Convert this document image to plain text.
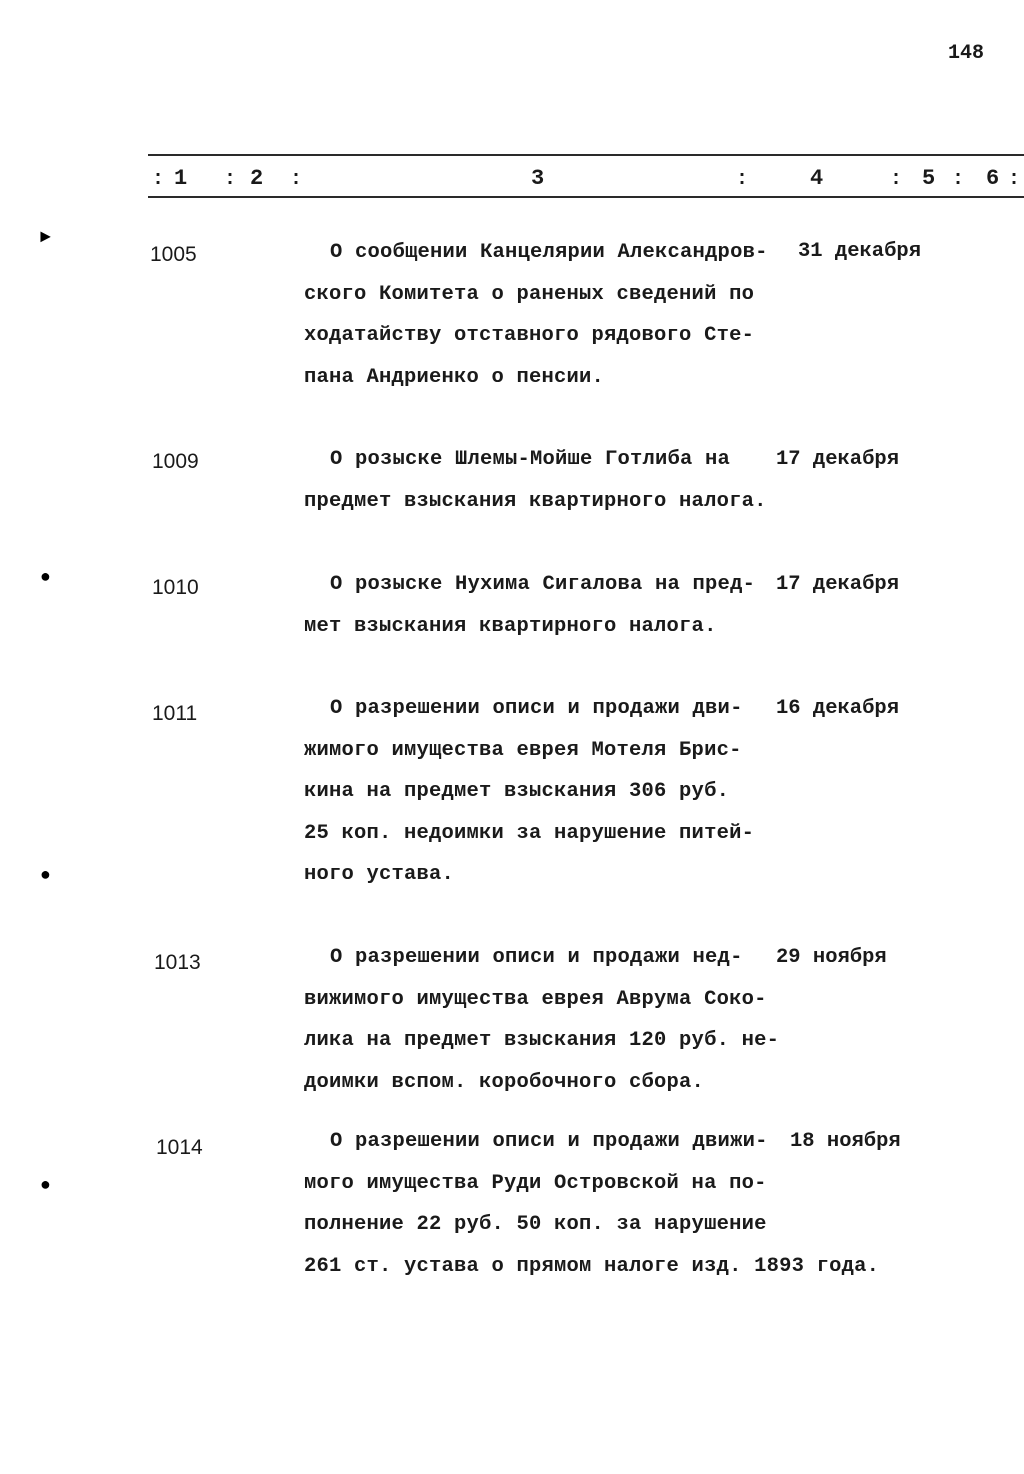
148
: 1 : 2 :	3	:	4	: 5 : 6 :
►
1005	О сообщении Канцелярии Александров-
ского Комитета о раненых сведений по
ходатайству отставного рядового Сте-
пана Андриенко о пенсии.
31 декабря
1009	О розыске Шлемы-Мойше Готлиба на
предмет взыскания квартирного налога.
17 декабря
●	1010	О розыске Нухима Сигалова на пред-
мет взыскания квартирного налога.
17 декабря
●
1011	О разрешении описи и продажи дви-
жимого имущества еврея Мотеля Брис-
кина на предмет взыскания 306 руб.
25 коп. недоимки за нарушение питей-
ного устава.
16 декабря
1013	О разрешении описи и продажи нед-
вижимого имущества еврея Аврума Соко-
лика на предмет взыскания 120 руб. не-
доимки вспом. коробочного сбора.
29 ноября
●
1014	О разрешении описи и продажи движи-
мого имущества Руди Островской на по-
полнение 22 руб. 50 коп. за нарушение
261 ст. устава о прямом налоге изд. 1893 года.
18 ноября
